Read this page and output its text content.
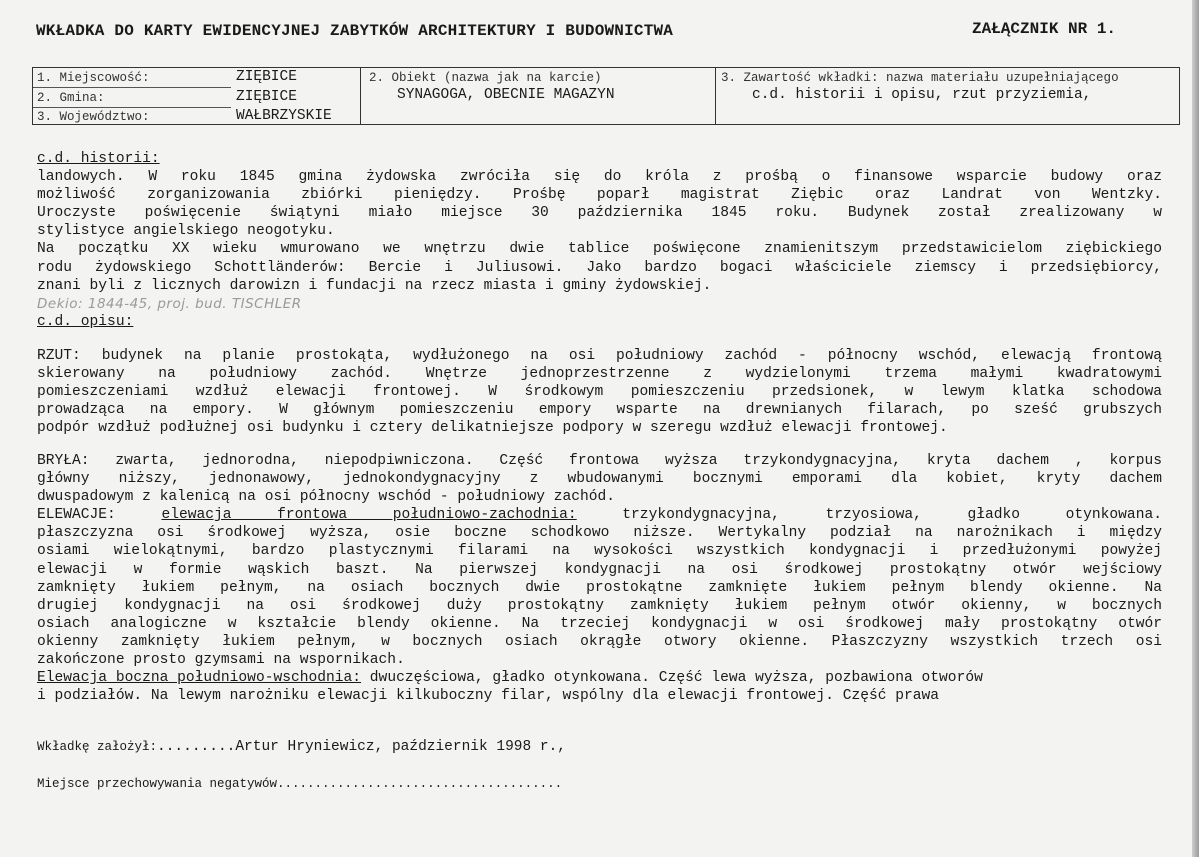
WKŁADKA DO KARTY EWIDENCYJNEJ ZABYTKÓW ARCHITEKTURY I BUDOWNICTWA	ZAŁĄCZNIK NR 1.
1. Miejscowość:	ZIĘBICE
2. Gmina:	ZIĘBICE
3. Województwo:	WAŁBRZYSKIE
2. Obiekt (nazwa jak na karcie)
SYNAGOGA, OBECNIE MAGAZYN
3. Zawartość wkładki: nazwa materiału uzupełniającego
c.d. historii i opisu, rzut przyziemia,
c.d. historii:
landowych. W roku 1845 gmina żydowska zwróciła się do króla z prośbą o finansowe wsparcie budowy oraz
możliwość zorganizowania zbiórki pieniędzy. Prośbę poparł magistrat Ziębic oraz Landrat von Wentzky.
Uroczyste poświęcenie świątyni miało miejsce 30 października 1845 roku. Budynek został zrealizowany w
stylistyce angielskiego neogotyku.
Na początku XX wieku wmurowano we wnętrzu dwie tablice poświęcone znamienitszym przedstawicielom ziębickiego
rodu żydowskiego Schottländerów: Bercie i Juliusowi. Jako bardzo bogaci właściciele ziemscy i przedsiębiorcy,
znani byli z licznych darowizn i fundacji na rzecz miasta i gminy żydowskiej.
Dekio: 1844-45, proj. bud. TISCHLER
c.d. opisu:
RZUT: budynek na planie prostokąta, wydłużonego na osi południowy zachód - północny wschód, elewacją frontową
skierowany na południowy zachód. Wnętrze jednoprzestrzenne z wydzielonymi trzema małymi kwadratowymi
pomieszczeniami wzdłuż elewacji frontowej. W środkowym pomieszczeniu przedsionek, w lewym klatka schodowa
prowadząca na empory. W głównym pomieszczeniu empory wsparte na drewnianych filarach, po sześć grubszych
podpór wzdłuż podłużnej osi budynku i cztery delikatniejsze podpory w szeregu wzdłuż elewacji frontowej.
BRYŁA: zwarta, jednorodna, niepodpiwniczona. Część frontowa wyższa trzykondygnacyjna, kryta dachem , korpus
główny niższy, jednonawowy, jednokondygnacyjny z wbudowanymi bocznymi emporami dla kobiet, kryty dachem
dwuspadowym z kalenicą na osi północny wschód - południowy zachód.
ELEWACJE:	elewacja frontowa południowo-zachodnia:	trzykondygnacyjna, trzyosiowa, gładko otynkowana.
płaszczyzna osi środkowej wyższa, osie boczne schodkowo niższe. Wertykalny podział na narożnikach i między
osiami wielokątnymi, bardzo plastycznymi filarami na wysokości wszystkich kondygnacji i przedłużonymi powyżej
elewacji w formie wąskich baszt. Na pierwszej kondygnacji na osi środkowej prostokątny otwór wejściowy
zamknięty łukiem pełnym, na osiach bocznych dwie prostokątne zamknięte łukiem pełnym blendy okienne. Na
drugiej kondygnacji na osi środkowej duży prostokątny zamknięty łukiem pełnym otwór okienny, w bocznych
osiach analogiczne w kształcie blendy okienne. Na trzeciej kondygnacji w osi środkowej mały prostokątny otwór
okienny zamknięty łukiem pełnym, w bocznych osiach okrągłe otwory okienne. Płaszczyzny wszystkich trzech osi
zakończone prosto gzymsami na wspornikach.
Elewacja boczna południowo-wschodnia: dwuczęściowa, gładko otynkowana. Część lewa wyższa, pozbawiona otworów
i podziałów. Na lewym narożniku elewacji kilkuboczny filar, wspólny dla elewacji frontowej. Część prawa
Wkładkę założył:.........Artur Hryniewicz, październik 1998 r.,
Miejsce przechowywania negatywów......................................
